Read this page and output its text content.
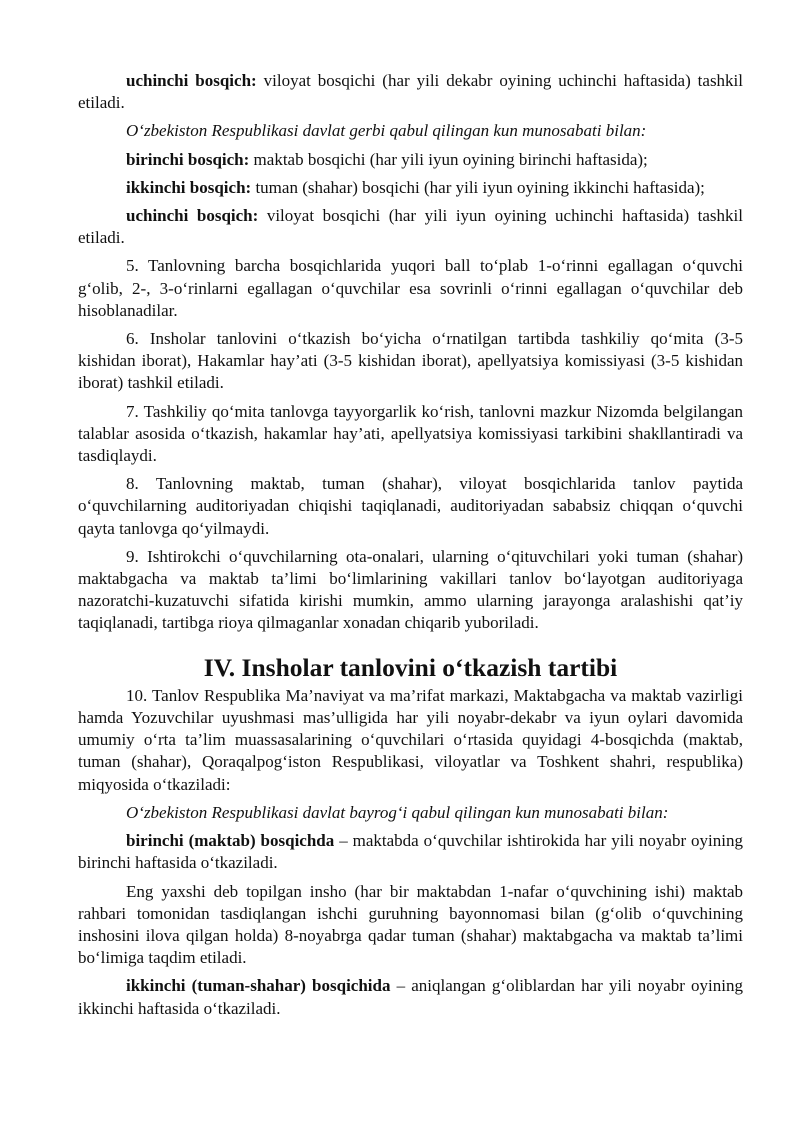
uchinchi bosqich: viloyat bosqichi (har yili dekabr oyining uchinchi haftasida) tashkil etiladi.

O‘zbekiston Respublikasi davlat gerbi qabul qilingan kun munosabati bilan:

birinchi bosqich: maktab bosqichi (har yili iyun oyining birinchi haftasida);

ikkinchi bosqich: tuman (shahar) bosqichi (har yili iyun oyining ikkinchi haftasida);

uchinchi bosqich: viloyat bosqichi (har yili iyun oyining uchinchi haftasida) tashkil etiladi.

5. Tanlovning barcha bosqichlarida yuqori ball to‘plab 1-o‘rinni egallagan o‘quvchi g‘olib, 2-, 3-o‘rinlarni egallagan o‘quvchilar esa sovrinli o‘rinni egallagan o‘quvchilar deb hisoblanadilar.

6. Insholar tanlovini o‘tkazish bo‘yicha o‘rnatilgan tartibda tashkiliy qo‘mita (3-5 kishidan iborat), Hakamlar hay’ati (3-5 kishidan iborat), apellyatsiya komissiyasi (3-5 kishidan iborat) tashkil etiladi.

7. Tashkiliy qo‘mita tanlovga tayyorgarlik ko‘rish, tanlovni mazkur Nizomda belgilangan talablar asosida o‘tkazish, hakamlar hay’ati, apellyatsiya komissiyasi tarkibini shakllantiradi va tasdiqlaydi.

8. Tanlovning maktab, tuman (shahar), viloyat bosqichlarida tanlov paytida o‘quvchilarning auditoriyadan chiqishi taqiqlanadi, auditoriyadan sababsiz chiqqan o‘quvchi qayta tanlovga qo‘yilmaydi.

9. Ishtirokchi o‘quvchilarning ota-onalari, ularning o‘qituvchilari yoki tuman (shahar) maktabgacha va maktab ta’limi bo‘limlarining vakillari tanlov bo‘layotgan auditoriyaga nazoratchi-kuzatuvchi sifatida kirishi mumkin, ammo ularning jarayonga aralashishi qat’iy taqiqlanadi, tartibga rioya qilmaganlar xonadan chiqarib yuboriladi.

IV. Insholar tanlovini o‘tkazish tartibi

10. Tanlov Respublika Ma’naviyat va ma’rifat markazi, Maktabgacha va maktab vazirligi hamda Yozuvchilar uyushmasi mas’ulligida har yili noyabr-dekabr va iyun oylari davomida umumiy o‘rta ta’lim muassasalarining o‘quvchilari o‘rtasida quyidagi 4-bosqichda (maktab, tuman (shahar), Qoraqalpog‘iston Respublikasi, viloyatlar va Toshkent shahri, respublika) miqyosida o‘tkaziladi:

O‘zbekiston Respublikasi davlat bayrog‘i qabul qilingan kun munosabati bilan:

birinchi (maktab) bosqichda – maktabda o‘quvchilar ishtirokida har yili noyabr oyining birinchi haftasida o‘tkaziladi.

Eng yaxshi deb topilgan insho (har bir maktabdan 1-nafar o‘quvchining ishi) maktab rahbari tomonidan tasdiqlangan ishchi guruhning bayonnomasi bilan (g‘olib o‘quvchining inshosini ilova qilgan holda) 8-noyabrga qadar tuman (shahar) maktabgacha va maktab ta’limi bo‘limiga taqdim etiladi.

ikkinchi (tuman-shahar) bosqichida – aniqlangan g‘oliblardan har yili noyabr oyining ikkinchi haftasida o‘tkaziladi.
